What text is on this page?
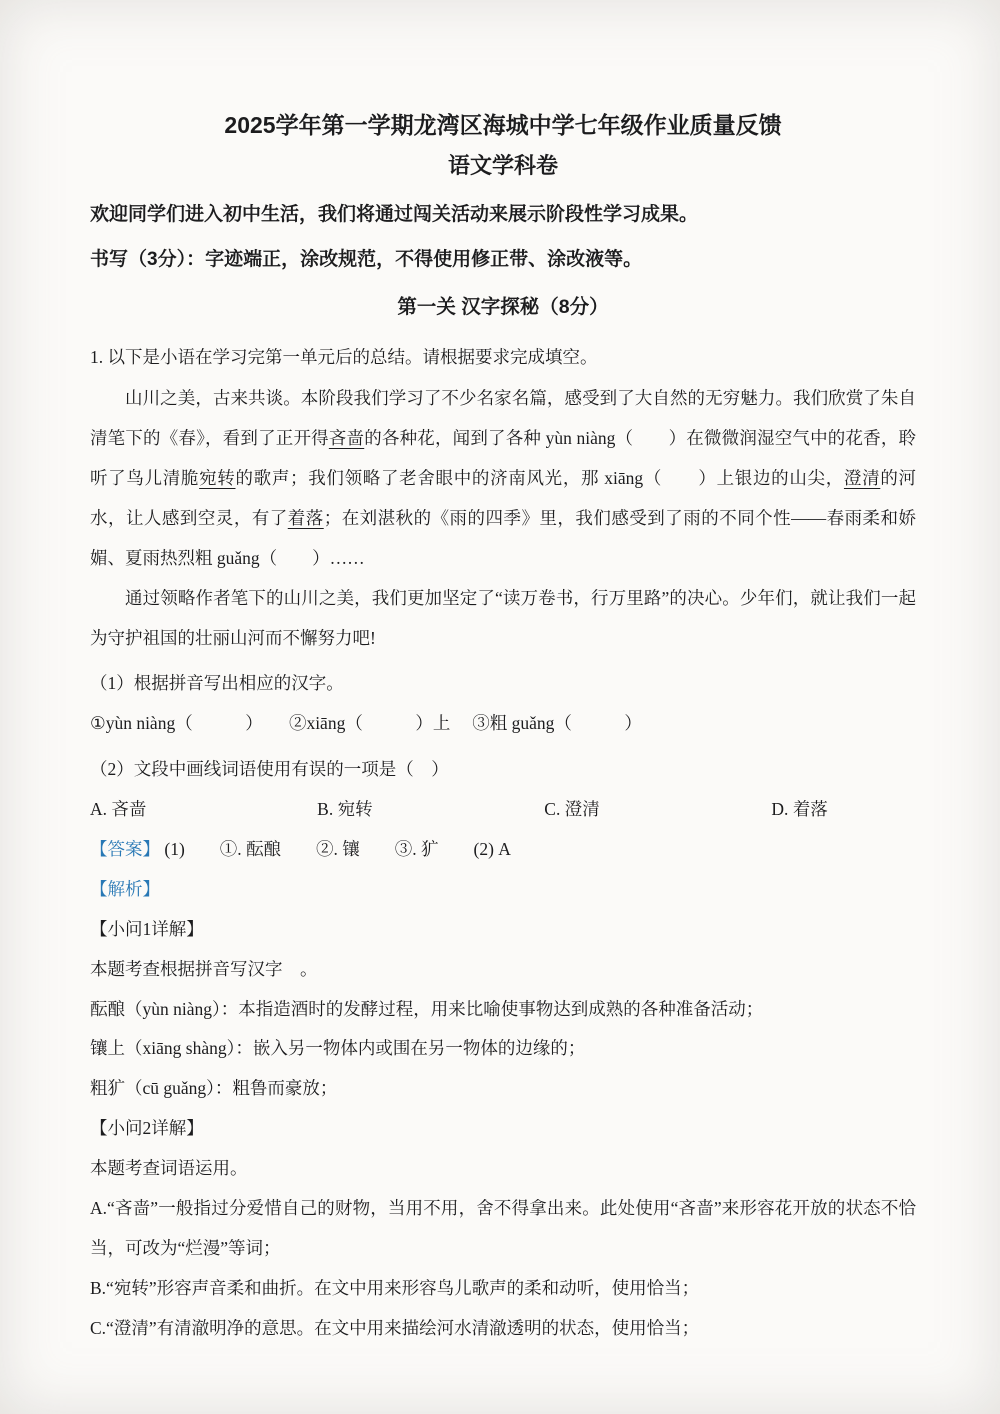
2025学年第一学期龙湾区海城中学七年级作业质量反馈
语文学科卷
欢迎同学们进入初中生活，我们将通过闯关活动来展示阶段性学习成果。
书写（3分）：字迹端正，涂改规范，不得使用修正带、涂改液等。
第一关 汉字探秘（8分）
1. 以下是小语在学习完第一单元后的总结。请根据要求完成填空。

山川之美，古来共谈。本阶段我们学习了不少名家名篇，感受到了大自然的无穷魅力。我们欣赏了朱自清笔下的《春》，看到了正开得吝啬的各种花，闻到了各种 yùn niàng（　　）在微微润湿空气中的花香，聆听了鸟儿清脆宛转的歌声；我们领略了老舍眼中的济南风光，那 xiāng（　　）上银边的山尖，澄清的河水，让人感到空灵，有了着落；在刘湛秋的《雨的四季》里，我们感受到了雨的不同个性——春雨柔和娇媚、夏雨热烈粗 guǎng（　　）……

通过领略作者笔下的山川之美，我们更加坚定了“读万卷书，行万里路”的决心。少年们，就让我们一起为守护祖国的壮丽山河而不懈努力吧!

（1）根据拼音写出相应的汉字。

①yùn niàng（　　　）　　②xiāng（　　　）上　 ③粗 guǎng（　　　）

（2）文段中画线词语使用有误的一项是（　）

A. 吝啬	B. 宛转	C. 澄清	D. 着落

【答案】 (1)　　①. 酝酿　　②. 镶　　③. 犷　　(2) A

【解析】

【小问1详解】

本题考查根据拼音写汉字　。

酝酿（yùn niàng）：本指造酒时的发酵过程，用来比喻使事物达到成熟的各种准备活动；

镶上（xiāng shàng）：嵌入另一物体内或围在另一物体的边缘的；

粗犷（cū guǎng）：粗鲁而豪放；

【小问2详解】

本题考查词语运用。

A.“吝啬”一般指过分爱惜自己的财物，当用不用，舍不得拿出来。此处使用“吝啬”来形容花开放的状态不恰当，可改为“烂漫”等词；

B.“宛转”形容声音柔和曲折。在文中用来形容鸟儿歌声的柔和动听，使用恰当；

C.“澄清”有清澈明净的意思。在文中用来描绘河水清澈透明的状态，使用恰当；
